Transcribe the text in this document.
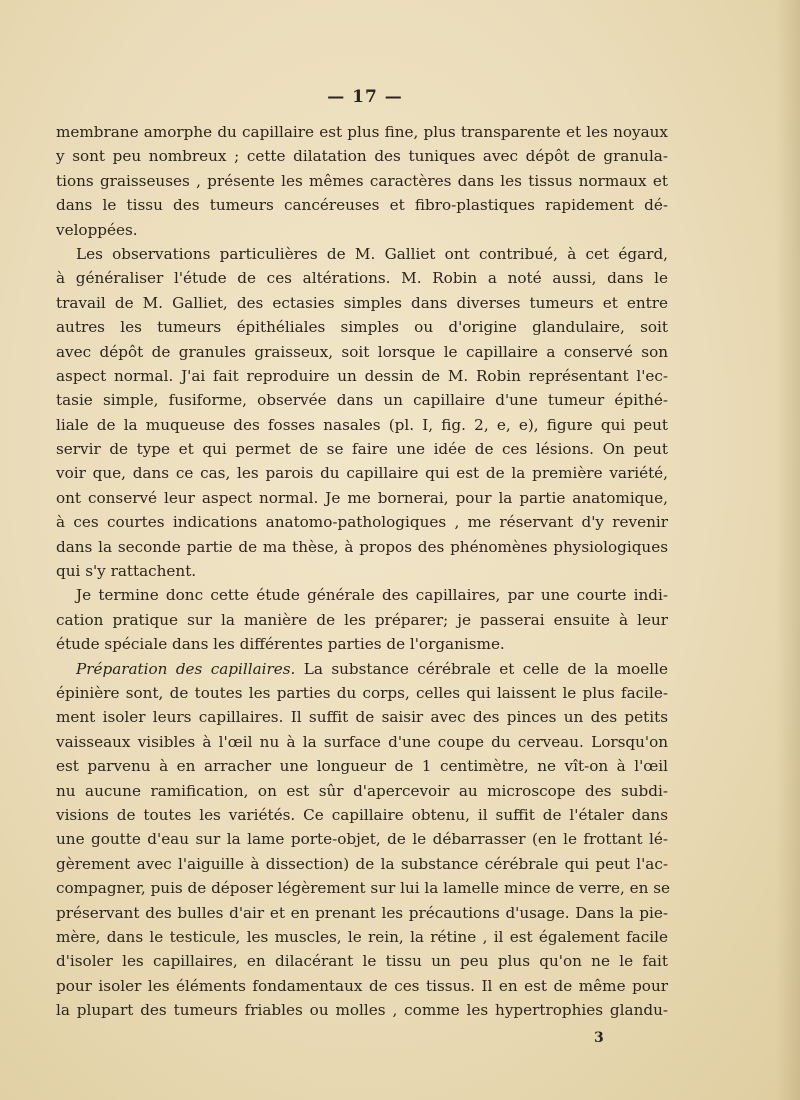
— 17 —
membrane amorphe du capillaire est plus fine, plus transparente et les noyaux
y sont peu nombreux ; cette dilatation des tuniques avec dépôt de granula-
tions graisseuses , présente les mêmes caractères dans les tissus normaux et
dans le tissu des tumeurs cancéreuses et fibro-plastiques rapidement dé-
veloppées.
Les observations particulières de M. Galliet ont contribué, à cet égard,
à généraliser l'étude de ces altérations. M. Robin a noté aussi, dans le
travail de M. Galliet, des ectasies simples dans diverses tumeurs et entre
autres les tumeurs épithéliales simples ou d'origine glandulaire, soit
avec dépôt de granules graisseux, soit lorsque le capillaire a conservé son
aspect normal. J'ai fait reproduire un dessin de M. Robin représentant l'ec-
tasie simple, fusiforme, observée dans un capillaire d'une tumeur épithé-
liale de la muqueuse des fosses nasales (pl. I, fig. 2, e, e), figure qui peut
servir de type et qui permet de se faire une idée de ces lésions. On peut
voir que, dans ce cas, les parois du capillaire qui est de la première variété,
ont conservé leur aspect normal. Je me bornerai, pour la partie anatomique,
à ces courtes indications anatomo-pathologiques , me réservant d'y revenir
dans la seconde partie de ma thèse, à propos des phénomènes physiologiques
qui s'y rattachent.
Je termine donc cette étude générale des capillaires, par une courte indi-
cation pratique sur la manière de les préparer; je passerai ensuite à leur
étude spéciale dans les différentes parties de l'organisme.
Préparation des capillaires. La substance cérébrale et celle de la moelle
épinière sont, de toutes les parties du corps, celles qui laissent le plus facile-
ment isoler leurs capillaires. Il suffit de saisir avec des pinces un des petits
vaisseaux visibles à l'œil nu à la surface d'une coupe du cerveau. Lorsqu'on
est parvenu à en arracher une longueur de 1 centimètre, ne vît-on à l'œil
nu aucune ramification, on est sûr d'apercevoir au microscope des subdi-
visions de toutes les variétés. Ce capillaire obtenu, il suffit de l'étaler dans
une goutte d'eau sur la lame porte-objet, de le débarrasser (en le frottant lé-
gèrement avec l'aiguille à dissection) de la substance cérébrale qui peut l'ac-
compagner, puis de déposer légèrement sur lui la lamelle mince de verre, en se
préservant des bulles d'air et en prenant les précautions d'usage. Dans la pie-
mère, dans le testicule, les muscles, le rein, la rétine , il est également facile
d'isoler les capillaires, en dilacérant le tissu un peu plus qu'on ne le fait
pour isoler les éléments fondamentaux de ces tissus. Il en est de même pour
la plupart des tumeurs friables ou molles , comme les hypertrophies glandu-
3
